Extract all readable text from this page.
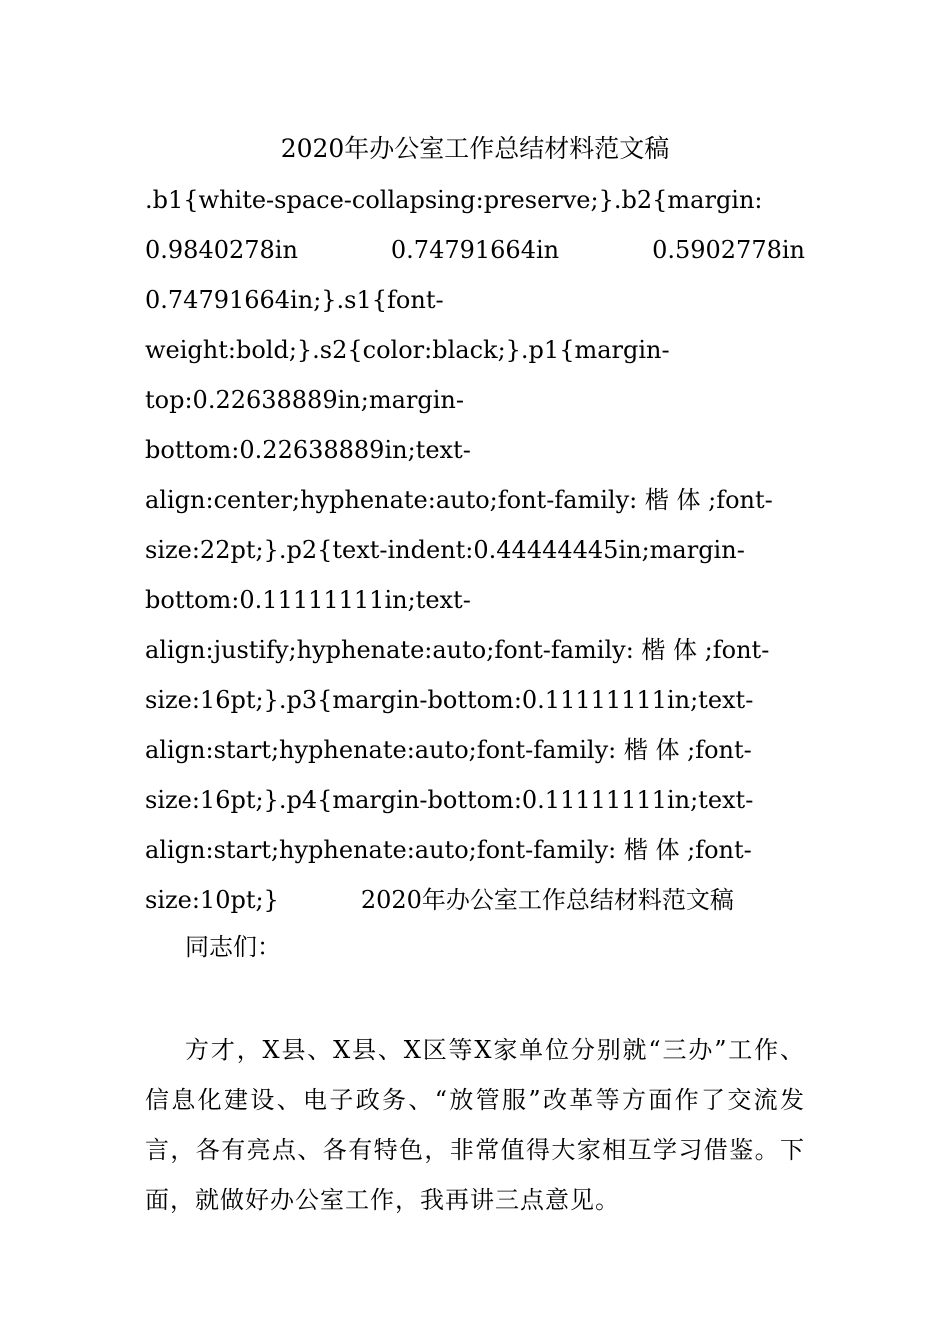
2020年办公室工作总结材料范文稿
.b1{white-space-collapsing:preserve;}.b2{margin:
0.9840278in	0.74791664in	0.5902778in
0.74791664in;}.s1{font-
weight:bold;}.s2{color:black;}.p1{margin-
top:0.22638889in;margin-
bottom:0.22638889in;text-
align:center;hyphenate:auto;font-family: 楷 体 ;font-
size:22pt;}.p2{text-indent:0.44444445in;margin-
bottom:0.11111111in;text-
align:justify;hyphenate:auto;font-family: 楷 体 ;font-
size:16pt;}.p3{margin-bottom:0.11111111in;text-
align:start;hyphenate:auto;font-family: 楷 体 ;font-
size:16pt;}.p4{margin-bottom:0.11111111in;text-
align:start;hyphenate:auto;font-family: 楷 体 ;font-
size:10pt;}	2020年办公室工作总结材料范文稿
同志们：
方才，X县、X县、X区等X家单位分别就“三办”工作、信息化建设、电子政务、“放管服”改革等方面作了交流发言，各有亮点、各有特色，非常值得大家相互学习借鉴。下面，就做好办公室工作，我再讲三点意见。
